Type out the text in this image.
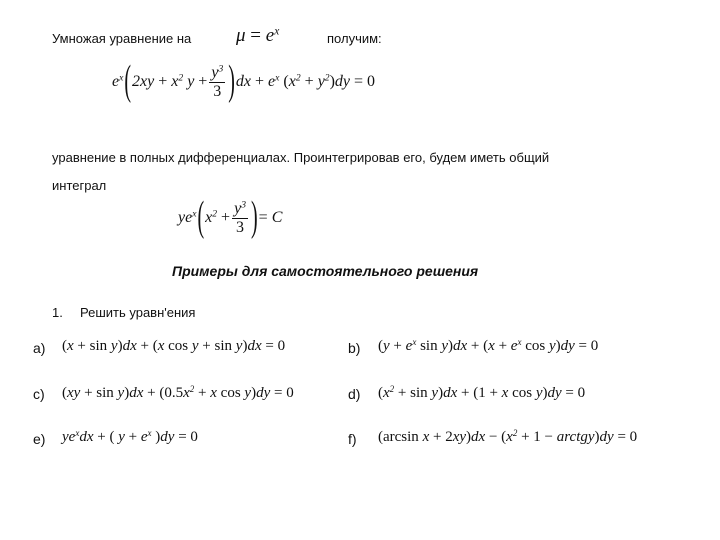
Умножая уравнение на $\mu = e^x$	получим:
$e^x$ ( $2xy + x^2$ $y + \frac{y^3}{3}$ ) dx + $e^x$ $(x^2 + y^2)dy = 0$
уравнение в полных дифференциалах. Проинтегрировав его, будем иметь общий
интеграл
$ye^x$ ( $x^2 + \frac{y^3}{3}$ ) = C
Примеры для самостоятельного решения
1. Решить уравн'ения
a) (x + sin y)dx + (x cos y + sin y)dx = 0	b) ($y + e^x$ $\sin y)dx + (x + e^x$ cos y)dy = 0
c) $(xy + \sin y)dx + (0.5x^2 + x$ cos y)dy = 0	d) $(x^2 + \sin y)dx + (1 + x$ cos y)dy = 0
e) $ye^xdx$ + ( $y + e^x$ )dy = 0	f) (arcsin $x + 2xy)dx - (x^2 + 1$ − arctgy)dy = 0
